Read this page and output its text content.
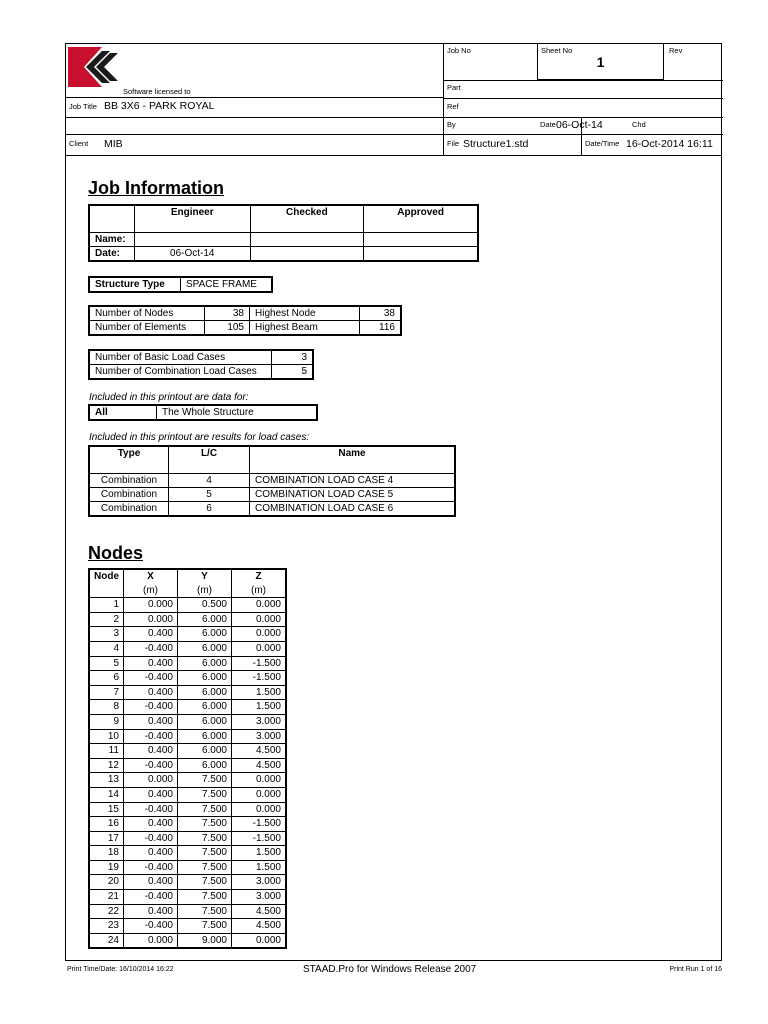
Software licensed to
1
Job No	Sheet No	Rev
Part
Job Title BB 3X6 - PARK ROYAL	Ref
By	Date 06-Oct-14	Chd
Client MIB	File Structure1.std	Date/Time 16-Oct-2014 16:11
Job Information
	Engineer	Checked	Approved
Name:			
Date:	06-Oct-14		
Structure Type	SPACE FRAME
Number of Nodes	38	Highest Node	38
Number of Elements	105	Highest Beam	116
Number of Basic Load Cases	3
Number of Combination Load Cases	5
Included in this printout are data for:
All	The Whole Structure
Included in this printout are results for load cases:
Type	L/C	Name
Combination	4	COMBINATION LOAD CASE 4
Combination	5	COMBINATION LOAD CASE 5
Combination	6	COMBINATION LOAD CASE 6
Nodes
Node	X	Y	Z
	(m)	(m)	(m)
1	0.000	0.500	0.000
2	0.000	6.000	0.000
3	0.400	6.000	0.000
4	-0.400	6.000	0.000
5	0.400	6.000	-1.500
6	-0.400	6.000	-1.500
7	0.400	6.000	1.500
8	-0.400	6.000	1.500
9	0.400	6.000	3.000
10	-0.400	6.000	3.000
11	0.400	6.000	4.500
12	-0.400	6.000	4.500
13	0.000	7.500	0.000
14	0.400	7.500	0.000
15	-0.400	7.500	0.000
16	0.400	7.500	-1.500
17	-0.400	7.500	-1.500
18	0.400	7.500	1.500
19	-0.400	7.500	1.500
20	0.400	7.500	3.000
21	-0.400	7.500	3.000
22	0.400	7.500	4.500
23	-0.400	7.500	4.500
24	0.000	9.000	0.000
Print Time/Date: 16/10/2014 16:22	STAAD.Pro for Windows Release 2007	Print Run 1 of 16
